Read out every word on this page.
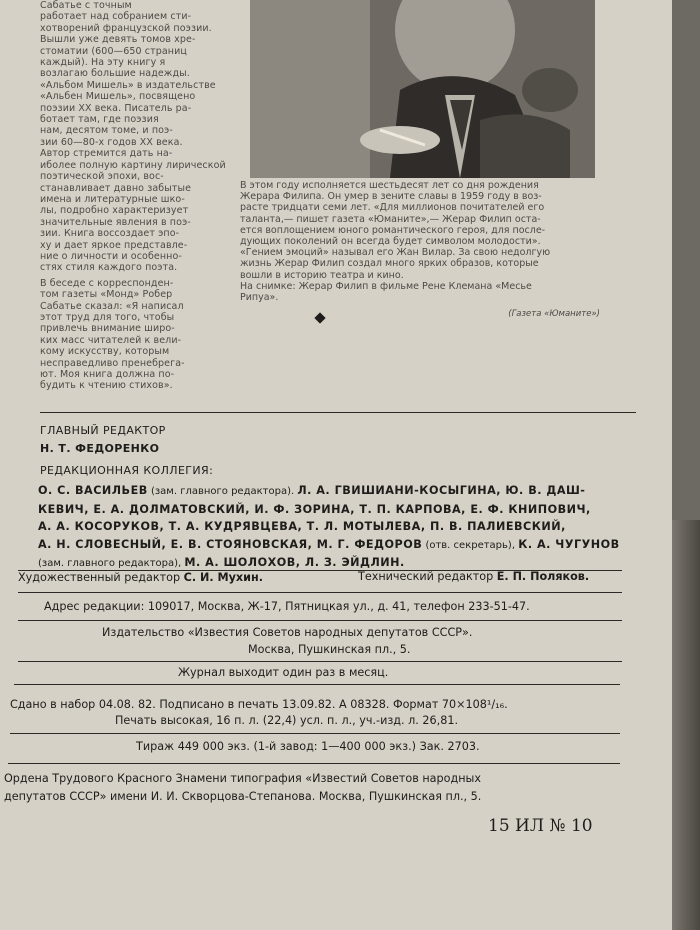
Сабатье с точным

работает над собранием сти-

хотворений французской поэзии.

Вышли уже девять томов хре-

стоматии (600—650 страниц

каждый). На эту книгу я

возлагаю большие надежды.

«Альбом Мишель» в издательстве

«Альбен Мишель», посвящено

поэзии XX века. Писатель ра-

ботает там, где поэзия

нам, десятом томе, и поэ-

зии 60—80-х годов XX века.

Автор стремится дать на-

иболее полную картину лирической

поэтической эпохи, вос-

станавливает давно забытые

имена и литературные шко-

лы, подробно характеризует

значительные явления в поэ-

зии. Книга воссоздает эпо-

ху и дает яркое представле-

ние о личности и особенно-

стях стиля каждого поэта.

В беседе с корреспонден-

том газеты «Монд» Робер

Сабатье сказал: «Я написал

этот труд для того, чтобы

привлечь внимание широ-

ких масс читателей к вели-

кому искусству, которым

несправедливо пренебрега-

ют. Моя книга должна по-

будить к чтению стихов».

В этом году исполняется шестьдесят лет со дня рождения

Жерара Филипа. Он умер в зените славы в 1959 году в воз-

расте тридцати семи лет. «Для миллионов почитателей его

таланта,— пишет газета «Юманите»,— Жерар Филип оста-

ется воплощением юного романтического героя, для после-

дующих поколений он всегда будет символом молодости».

«Гением эмоций» называл его Жан Вилар. За свою недолгую

жизнь Жерар Филип создал много ярких образов, которые

вошли в историю театра и кино.

На снимке: Жерар Филип в фильме Рене Клемана «Месье

Рипуа».

(Газета «Юманите»)

ГЛАВНЫЙ РЕДАКТОР
Н. Т. ФЕДОРЕНКО
РЕДАКЦИОННАЯ КОЛЛЕГИЯ:
О. С. ВАСИЛЬЕВ (зам. главного редактора). Л. А. ГВИШИАНИ-КОСЫГИНА, Ю. В. ДАШ-
КЕВИЧ, Е. А. ДОЛМАТОВСКИЙ, И. Ф. ЗОРИНА, Т. П. КАРПОВА, Е. Ф. КНИПОВИЧ,
А. А. КОСОРУКОВ, Т. А. КУДРЯВЦЕВА, Т. Л. МОТЫЛЕВА, П. В. ПАЛИЕВСКИЙ,
А. Н. СЛОВЕСНЫЙ, Е. В. СТОЯНОВСКАЯ, М. Г. ФЕДОРОВ (отв. секретарь), К. А. ЧУГУНОВ
(зам. главного редактора), М. А. ШОЛОХОВ, Л. З. ЭЙДЛИН.
Художественный редактор С. И. Мухин.	Технический редактор Е. П. Поляков.
Адрес редакции: 109017, Москва, Ж-17, Пятницкая ул., д. 41, телефон 233-51-47.
Издательство «Известия Советов народных депутатов СССР».
Москва, Пушкинская пл., 5.
Журнал выходит один раз в месяц.
Сдано в набор 04.08. 82. Подписано в печать 13.09.82. А 08328. Формат 70×108¹/₁₆.
Печать высокая, 16 п. л. (22,4) усл. п. л., уч.-изд. л. 26,81.
Тираж 449 000 экз. (1-й завод: 1—400 000 экз.) Зак. 2703.
Ордена Трудового Красного Знамени типография «Известий Советов народных
депутатов СССР» имени И. И. Скворцова-Степанова. Москва, Пушкинская пл., 5.
15 ИЛ № 10
